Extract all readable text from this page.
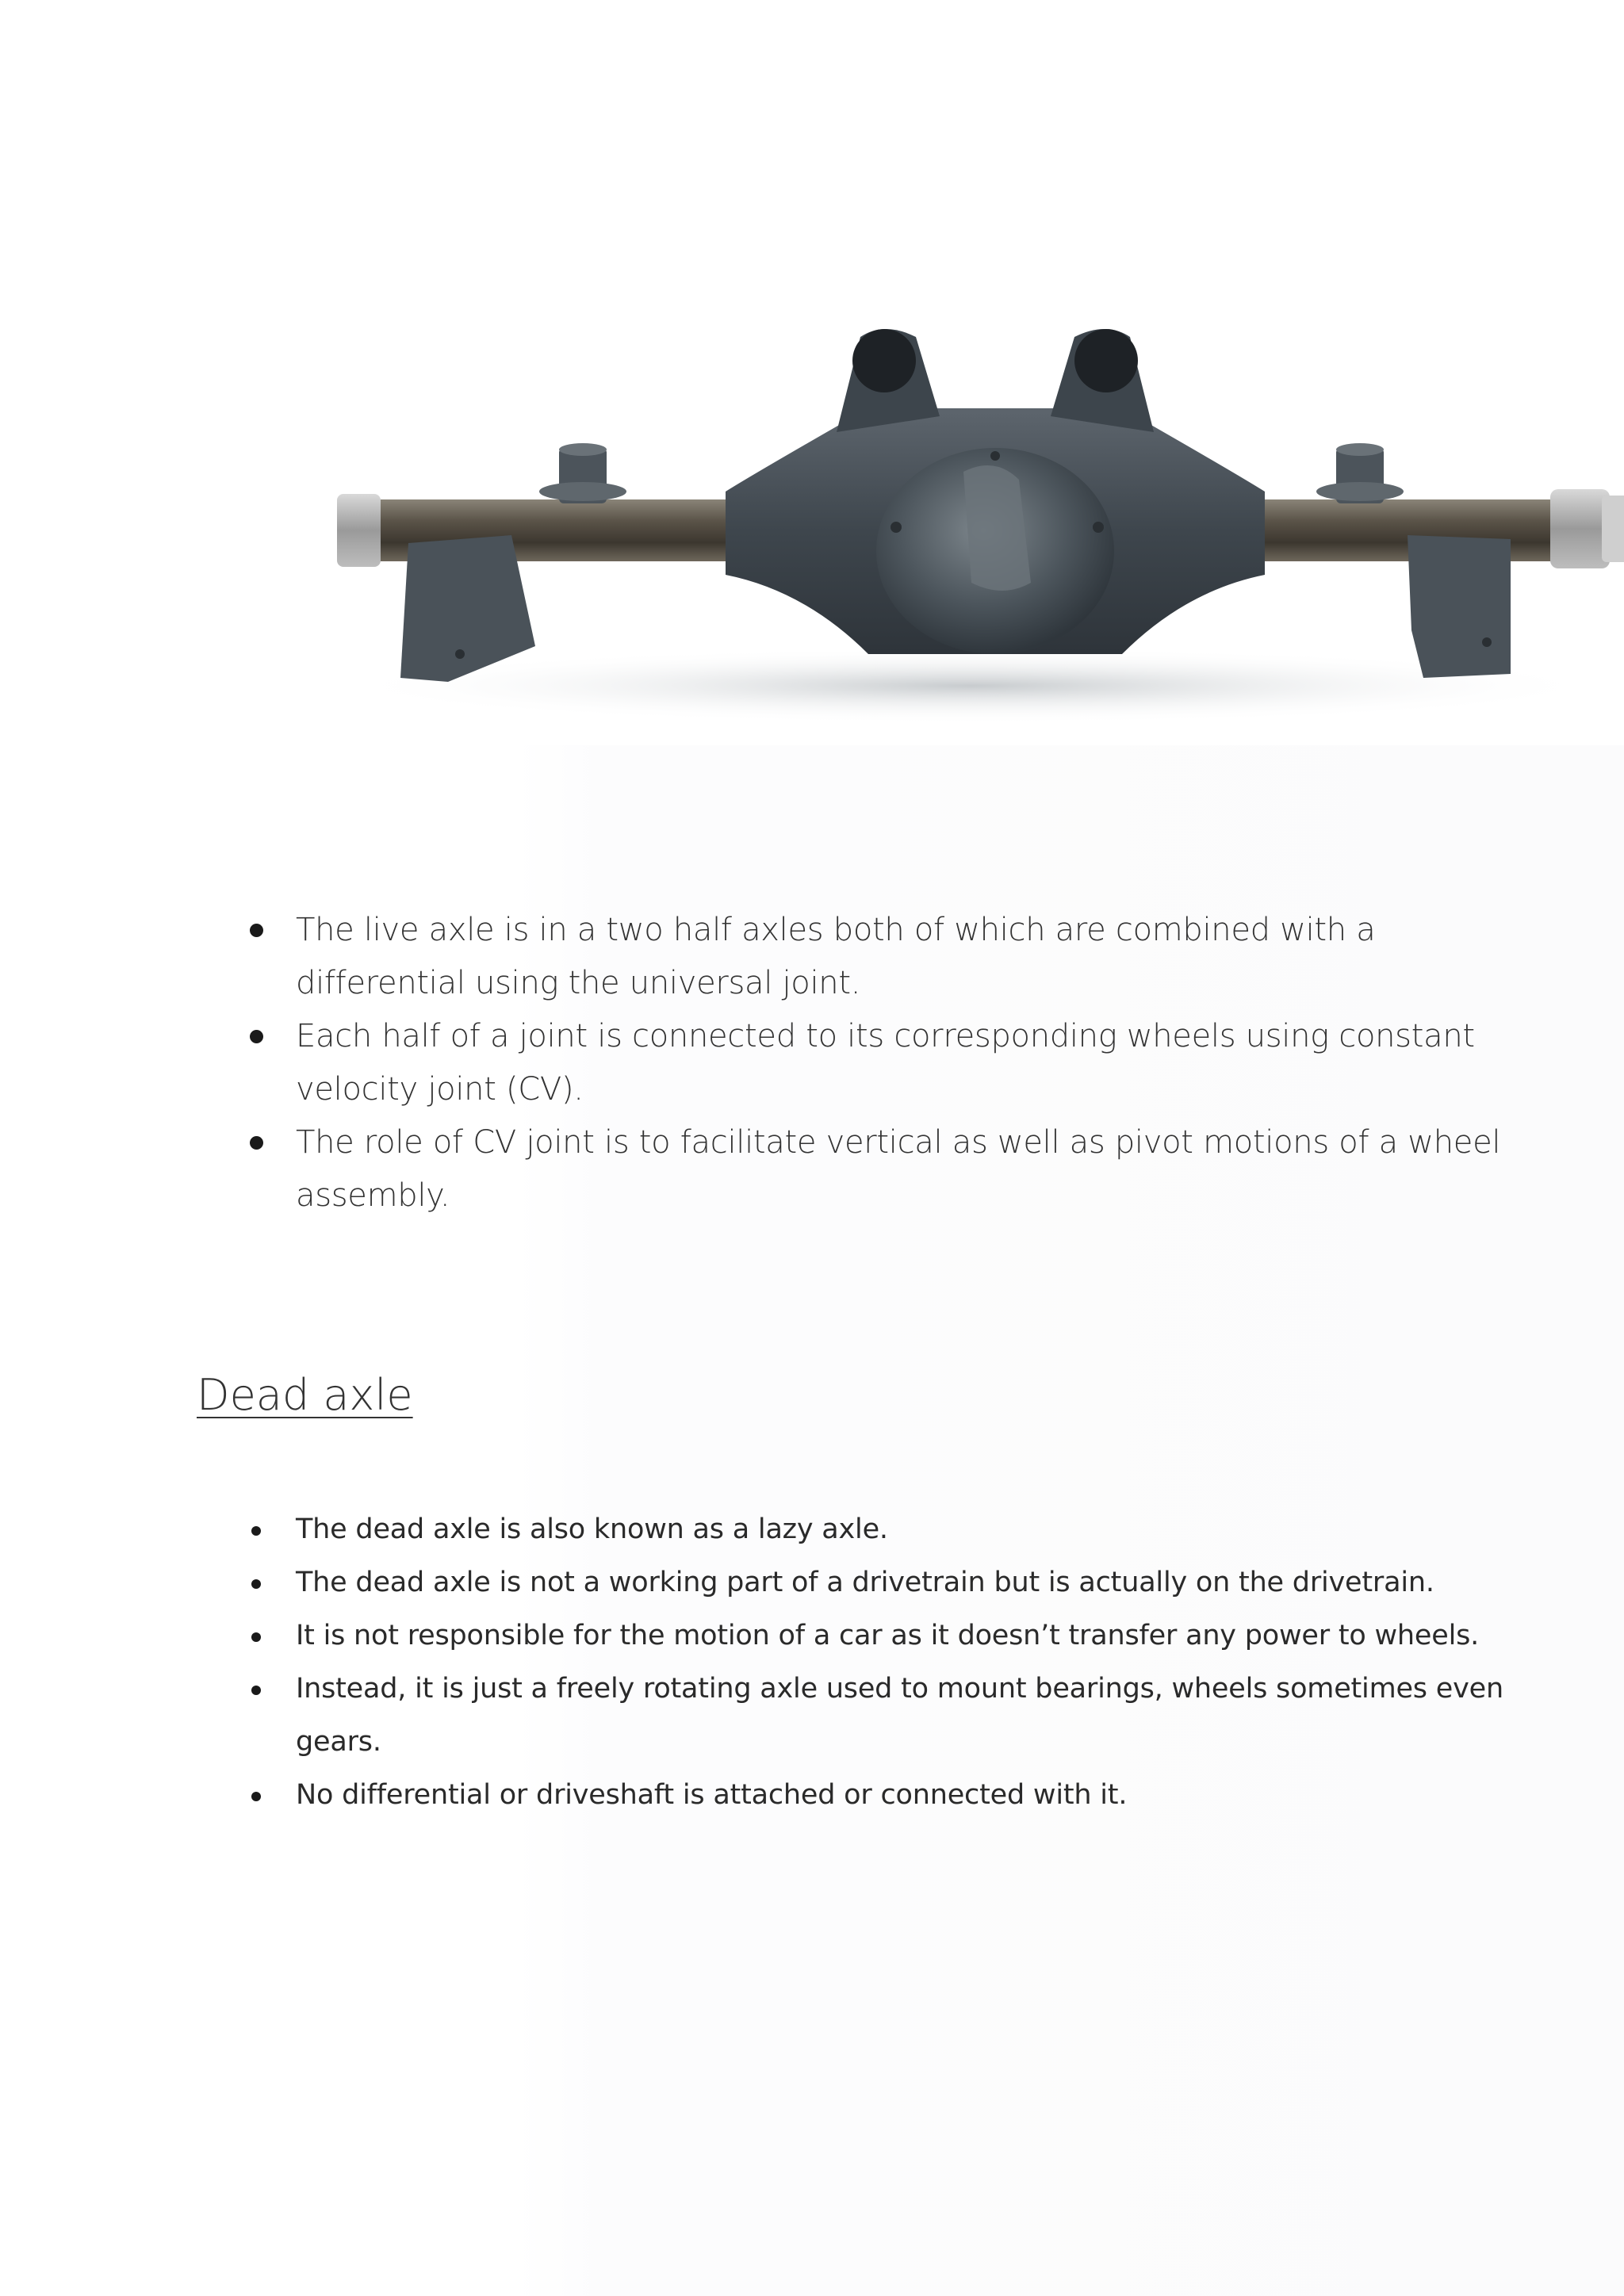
The live axle is in a two half axles both of which are combined with a differential using the universal joint.
Each half of a joint is connected to its corresponding wheels using constant velocity joint (CV).
The role of CV joint is to facilitate vertical as well as pivot motions of a wheel assembly.
Dead axle
The dead axle is also known as a lazy axle.
The dead axle is not a working part of a drivetrain but is actually on the drivetrain.
It is not responsible for the motion of a car as it doesn’t transfer any power to wheels.
Instead, it is just a freely rotating axle used to mount bearings, wheels sometimes even gears.
No differential or driveshaft is attached or connected with it.
